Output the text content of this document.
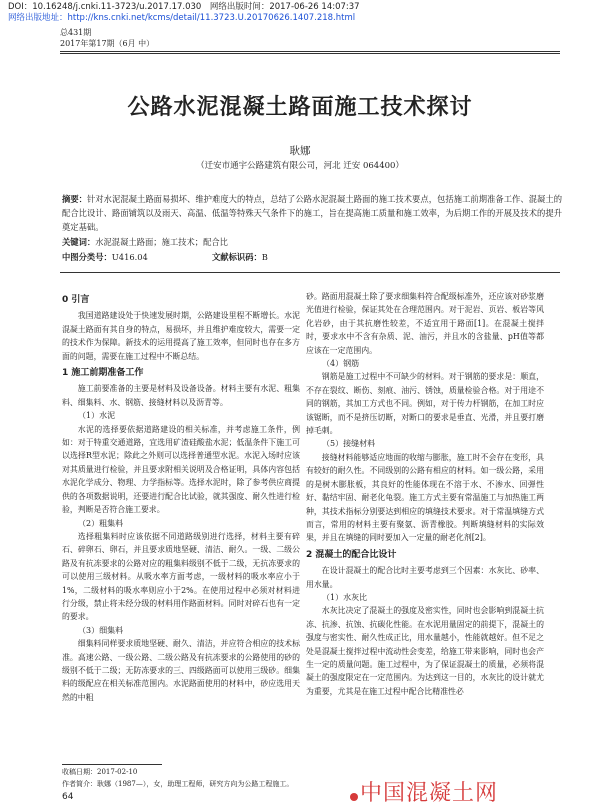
DOI：10.16248/j.cnki.11-3723/u.2017.17.030　网络出版时间：2017-06-26 14:07:37
网络出版地址：http://kns.cnki.net/kcms/detail/11.3723.U.20170626.1407.218.html
总431期
2017年第17期（6月 中）
公路水泥混凝土路面施工技术探讨
耿娜
（迁安市通宇公路建筑有限公司，河北 迁安 064400）
摘要：针对水泥混凝土路面易损坏、维护难度大的特点，总结了公路水泥混凝土路面的施工技术要点，包括施工前期准备工作、混凝土的配合比设计、路面铺筑以及雨天、高温、低温等特殊天气条件下的施工，旨在提高施工质量和施工效率，为后期工作的开展及技术的提升奠定基础。
关键词：水泥混凝土路面；施工技术；配合比
中图分类号：U416.04	文献标识码：B
0 引言

我国道路建设处于快速发展时期，公路建设里程不断增长。水泥混凝土路面有其自身的特点，易损坏，并且维护难度较大，需要一定的技术作为保障。新技术的运用提高了施工效率，但同时也存在多方面的问题，需要在施工过程中不断总结。

1 施工前期准备工作

施工前要准备的主要是材料及设备设备。材料主要有水泥、粗集料、细集料、水、钢筋、接缝材料以及沥青等。

（1）水泥

水泥的选择要依据道路建设的相关标准，并考虑施工条件，例如：对于特重交通道路，宜选用矿渣硅酸盐水泥；低温条件下施工可以选择R型水泥；除此之外则可以选择普通型水泥。水泥入场时应该对其质量进行检验，并且要求附相关说明及合格证明，具体内容包括水泥化学成分、物理、力学指标等。选择水泥时，除了参考供应商提供的各项数据说明，还要进行配合比试验，就其强度、耐久性进行检验，判断是否符合施工要求。

（2）粗集料

选择粗集料时应该依据不同道路级别进行选择，材料主要有碎石、碎卵石、卵石，并且要求质地坚硬、清洁、耐久。一级、二级公路及有抗冻要求的公路对应的粗集料级别不低于二级，无抗冻要求的可以使用三级材料。从吸水率方面考虑，一级材料的吸水率应小于1%，二级材料的吸水率则应小于2%。在使用过程中必须对材料进行分级，禁止将未经分级的材料用作路面材料。同时对碎石也有一定的要求。

（3）细集料

细集料同样要求质地坚硬、耐久、清洁，并应符合相应的技术标准。高速公路、一级公路、二级公路及有抗冻要求的公路使用的砂的级别不低于二级；无防冻要求的三、四级路面可以使用三级砂。细集料的级配应在相关标准范围内。水泥路面使用的材料中，砂应选用天然的中粗

砂。路面用混凝土除了要求细集料符合配级标准外，还应该对砂浆磨光值进行检验，保证其处在合理范围内。对于泥岩、页岩、板岩等风化岩砂，由于其抗磨性较差，不适宜用于路面[1]。在混凝土搅拌时，要求水中不含有杂质、泥、油污，并且水的含盐量、pH值等都应该在一定范围内。

（4）钢筋

钢筋是施工过程中不可缺少的材料。对于钢筋的要求是：顺直，不存在裂纹、断伤、刻痕、油污、锈蚀，质量检验合格。对于用途不同的钢筋，其加工方式也不同。例如，对于传力杆钢筋，在加工时应该锯断，而不是挤压切断，对断口的要求是垂直、光滑，并且要打磨掉毛刺。

（5）接缝材料

接缝材料能够适应地面的收缩与膨胀，施工时不会存在变形，具有较好的耐久性。不同级别的公路有相应的材料。如一级公路，采用的是树木膨胀板，其良好的性能体现在不溶于水、不渗水、回弹性好、黏结牢固、耐老化龟裂。施工方式主要有常温施工与加热施工两种，其技术指标分别要达到相应的填缝技术要求。对于常温填缝方式而言，常用的材料主要有聚氨、沥青橡胶。判断填缝材料的实际效果，并且在填缝的同时要加入一定量的耐老化剂[2]。

2 混凝土的配合比设计

在设计混凝土的配合比时主要考虑到三个因素：水灰比、砂率、用水量。

（1）水灰比

水灰比决定了混凝土的强度及密实性，同时也会影响到混凝土抗冻、抗渗、抗蚀、抗碳化性能。在水泥用量固定的前提下，混凝土的强度与密实性、耐久性成正比，用水量越小，性能就越好。但不足之处是混凝土搅拌过程中流动性会变差，给施工带来影响，同时也会产生一定的质量问题。施工过程中，为了保证混凝土的质量，必须将混凝土的强度限定在一定范围内。为达到这一目的，水灰比的设计就尤为重要，尤其是在施工过程中配合比精准性必

收稿日期：2017-02-10
作者简介：耿娜（1987—），女，助理工程师，研究方向为公路工程施工。
64	中国混凝土网
